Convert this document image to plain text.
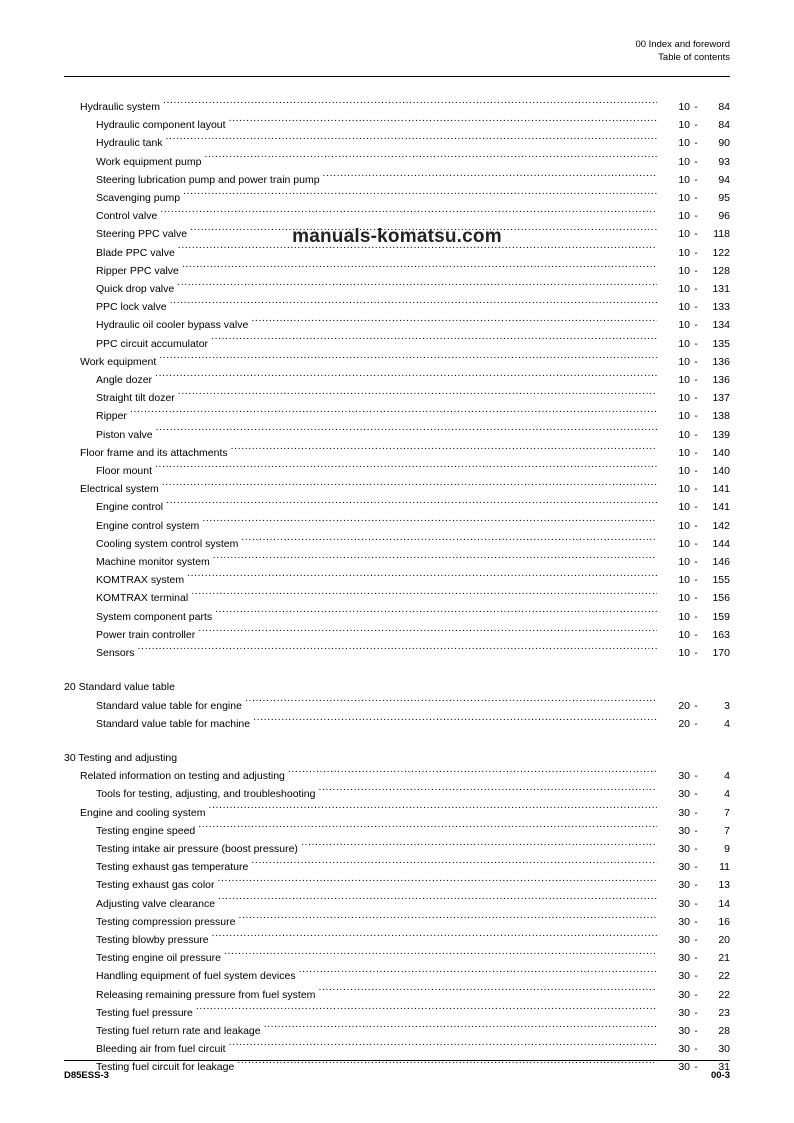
00 Index and foreword
Table of contents
Hydraulic system .....	10 -	84
Hydraulic component layout .....	10 -	84
Hydraulic tank .....	10 -	90
Work equipment pump .....	10 -	93
Steering lubrication pump and power train pump .....	10 -	94
Scavenging pump .....	10 -	95
Control valve .....	10 -	96
Steering PPC valve .....	10 -	118
Blade PPC valve .....	10 -	122
Ripper PPC valve .....	10 -	128
Quick drop valve .....	10 -	131
PPC lock valve .....	10 -	133
Hydraulic oil cooler bypass valve .....	10 -	134
PPC circuit accumulator .....	10 -	135
Work equipment .....	10 -	136
Angle dozer .....	10 -	136
Straight tilt dozer .....	10 -	137
Ripper .....	10 -	138
Piston valve .....	10 -	139
Floor frame and its attachments .....	10 -	140
Floor mount .....	10 -	140
Electrical system .....	10 -	141
Engine control .....	10 -	141
Engine control system .....	10 -	142
Cooling system control system .....	10 -	144
Machine monitor system .....	10 -	146
KOMTRAX system .....	10 -	155
KOMTRAX terminal .....	10 -	156
System component parts .....	10 -	159
Power train controller .....	10 -	163
Sensors .....	10 -	170
20 Standard value table
Standard value table for engine .....	20 -	3
Standard value table for machine .....	20 -	4
30 Testing and adjusting
Related information on testing and adjusting .....	30 -	4
Tools for testing, adjusting, and troubleshooting .....	30 -	4
Engine and cooling system .....	30 -	7
Testing engine speed .....	30 -	7
Testing intake air pressure (boost pressure) .....	30 -	9
Testing exhaust gas temperature .....	30 -	11
Testing exhaust gas color .....	30 -	13
Adjusting valve clearance .....	30 -	14
Testing compression pressure .....	30 -	16
Testing blowby pressure .....	30 -	20
Testing engine oil pressure .....	30 -	21
Handling equipment of fuel system devices .....	30 -	22
Releasing remaining pressure from fuel system .....	30 -	22
Testing fuel pressure .....	30 -	23
Testing fuel return rate and leakage .....	30 -	28
Bleeding air from fuel circuit .....	30 -	30
Testing fuel circuit for leakage .....	30 -	31
manuals-komatsu.com
D85ESS-3	00-3
